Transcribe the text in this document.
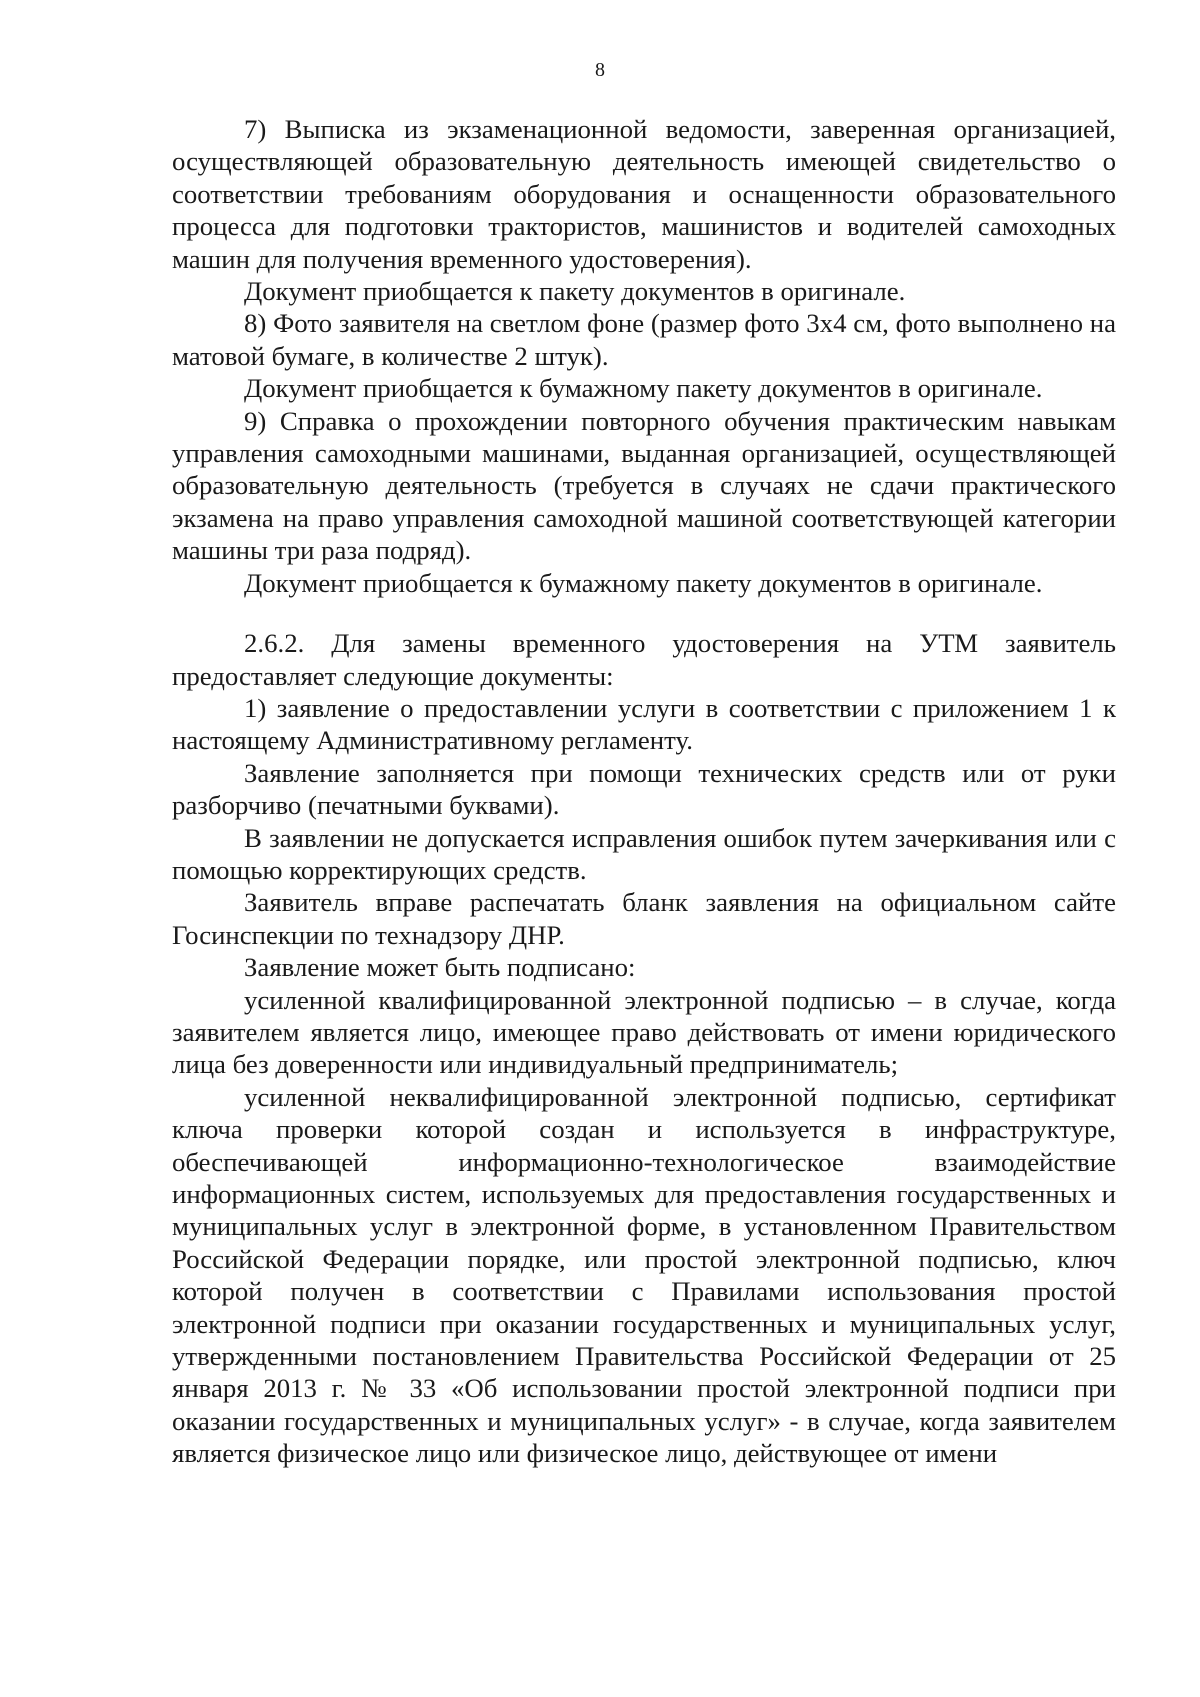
8

7) Выписка из экзаменационной ведомости, заверенная организацией, осуществляющей образовательную деятельность имеющей свидетельство о соответствии требованиям оборудования и оснащенности образовательного процесса для подготовки трактористов, машинистов и водителей самоходных машин для получения временного удостоверения).

Документ приобщается к пакету документов в оригинале.

8) Фото заявителя на светлом фоне (размер фото 3х4 см, фото выполнено на матовой бумаге, в количестве 2 штук).

Документ приобщается к бумажному пакету документов в оригинале.

9) Справка о прохождении повторного обучения практическим навыкам управления самоходными машинами, выданная организацией, осуществляющей образовательную деятельность (требуется в случаях не сдачи практического экзамена на право управления самоходной машиной соответствующей категории машины три раза подряд).

Документ приобщается к бумажному пакету документов в оригинале.

2.6.2. Для замены временного удостоверения на УТМ заявитель предоставляет следующие документы:

1) заявление о предоставлении услуги в соответствии с приложением 1 к настоящему Административному регламенту.

Заявление заполняется при помощи технических средств или от руки разборчиво (печатными буквами).

В заявлении не допускается исправления ошибок путем зачеркивания или с помощью корректирующих средств.

Заявитель вправе распечатать бланк заявления на официальном сайте Госинспекции по технадзору ДНР.

Заявление может быть подписано:

усиленной квалифицированной электронной подписью – в случае, когда заявителем является лицо, имеющее право действовать от имени юридического лица без доверенности или индивидуальный предприниматель;

усиленной неквалифицированной электронной подписью, сертификат ключа проверки которой создан и используется в инфраструктуре, обеспечивающей информационно-технологическое взаимодействие информационных систем, используемых для предоставления государственных и муниципальных услуг в электронной форме, в установленном Правительством Российской Федерации порядке, или простой электронной подписью, ключ которой получен в соответствии с Правилами использования простой электронной подписи при оказании государственных и муниципальных услуг, утвержденными постановлением Правительства Российской Федерации от 25 января 2013 г. № 33 «Об использовании простой электронной подписи при оказании государственных и муниципальных услуг» - в случае, когда заявителем является физическое лицо или физическое лицо, действующее от имени
